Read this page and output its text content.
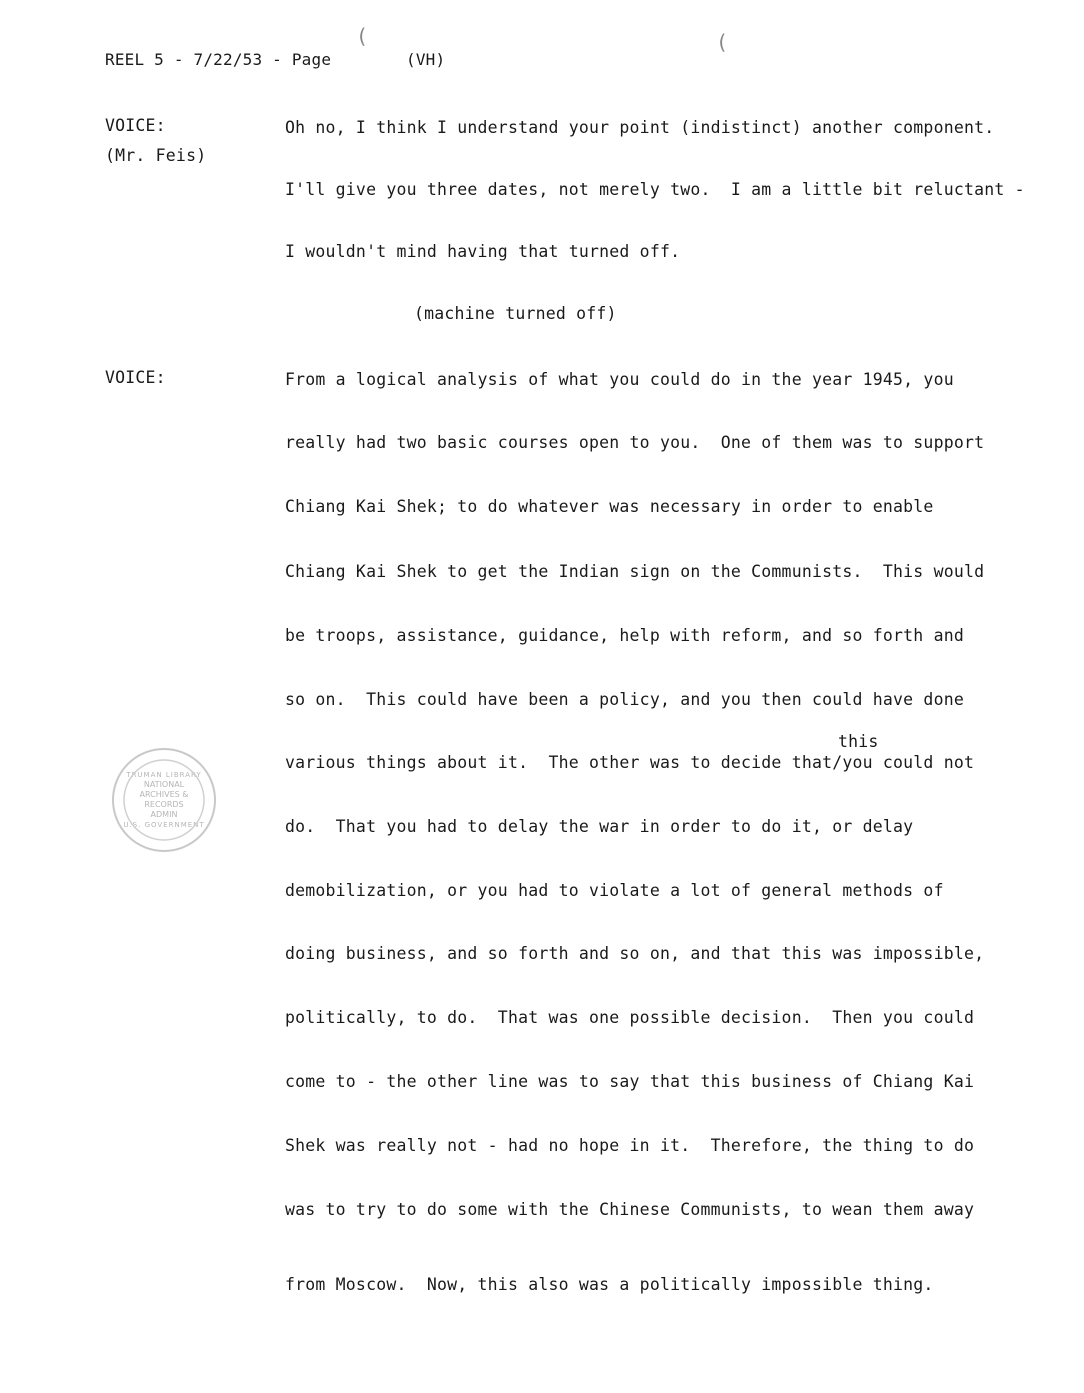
REEL 5 - 7/22/53 - Page	(VH)
(	(
VOICE:
(Mr. Feis)
Oh no, I think I understand your point (indistinct) another component.
I'll give you three dates, not merely two.  I am a little bit reluctant -
I wouldn't mind having that turned off.
(machine turned off)
VOICE:	From a logical analysis of what you could do in the year 1945, you
really had two basic courses open to you.  One of them was to support
Chiang Kai Shek; to do whatever was necessary in order to enable
Chiang Kai Shek to get the Indian sign on the Communists.  This would
be troops, assistance, guidance, help with reform, and so forth and
so on.  This could have been a policy, and you then could have done
this
various things about it.  The other was to decide that/you could not
do.  That you had to delay the war in order to do it, or delay
demobilization, or you had to violate a lot of general methods of
doing business, and so forth and so on, and that this was impossible,
politically, to do.  That was one possible decision.  Then you could
come to - the other line was to say that this business of Chiang Kai
Shek was really not - had no hope in it.  Therefore, the thing to do
was to try to do some with the Chinese Communists, to wean them away
from Moscow.  Now, this also was a politically impossible thing.
TRUMAN LIBRARY
NATIONAL ARCHIVES & RECORDS ADMIN
U.S. GOVERNMENT
